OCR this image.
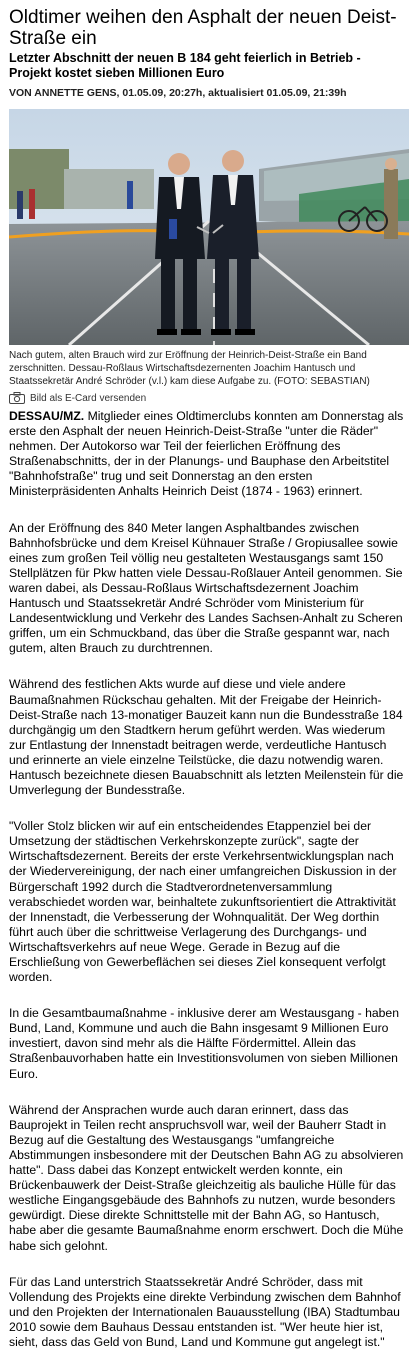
Oldtimer weihen den Asphalt der neuen Deist-
Straße ein
Letzter Abschnitt der neuen B 184 geht feierlich in Betrieb - Projekt kostet sieben Millionen Euro
VON ANNETTE GENS, 01.05.09, 20:27h, aktualisiert 01.05.09, 21:39h
Nach gutem, alten Brauch wird zur Eröffnung der Heinrich-Deist-Straße ein Band zerschnitten. Dessau-Roßlaus Wirtschaftsdezernenten Joachim Hantusch und Staatssekretär André Schröder (v.l.) kam diese Aufgabe zu. (FOTO: SEBASTIAN)
Bild als E-Card versenden

DESSAU/MZ. Mitglieder eines Oldtimerclubs konnten am Donnerstag als erste den Asphalt der neuen Heinrich-Deist-Straße "unter die Räder" nehmen. Der Autokorso war Teil der feierlichen Eröffnung des Straßenabschnitts, der in der Planungs- und Bauphase den Arbeitstitel "Bahnhofstraße" trug und seit Donnerstag an den ersten Ministerpräsidenten Anhalts Heinrich Deist (1874 - 1963) erinnert.

An der Eröffnung des 840 Meter langen Asphaltbandes zwischen Bahnhofsbrücke und dem Kreisel Kühnauer Straße / Gropiusallee sowie eines zum großen Teil völlig neu gestalteten Westausgangs samt 150 Stellplätzen für Pkw hatten viele Dessau-Roßlauer Anteil genommen. Sie waren dabei, als Dessau-Roßlaus Wirtschaftsdezernent Joachim Hantusch und Staatssekretär André Schröder vom Ministerium für Landesentwicklung und Verkehr des Landes Sachsen-Anhalt zu Scheren griffen, um ein Schmuckband, das über die Straße gespannt war, nach gutem, alten Brauch zu durchtrennen.

Während des festlichen Akts wurde auf diese und viele andere Baumaßnahmen Rückschau gehalten. Mit der Freigabe der Heinrich-Deist-Straße nach 13-monatiger Bauzeit kann nun die Bundesstraße 184 durchgängig um den Stadtkern herum geführt werden. Was wiederum zur Entlastung der Innenstadt beitragen werde, verdeutliche Hantusch und erinnerte an viele einzelne Teilstücke, die dazu notwendig waren. Hantusch bezeichnete diesen Bauabschnitt als letzten Meilenstein für die Umverlegung der Bundesstraße.

"Voller Stolz blicken wir auf ein entscheidendes Etappenziel bei der Umsetzung der städtischen Verkehrskonzepte zurück", sagte der Wirtschaftsdezernent. Bereits der erste Verkehrsentwicklungsplan nach der Wiedervereinigung, der nach einer umfangreichen Diskussion in der Bürgerschaft 1992 durch die Stadtverordnetenversammlung verabschiedet worden war, beinhaltete zukunftsorientiert die Attraktivität der Innenstadt, die Verbesserung der Wohnqualität. Der Weg dorthin führt auch über die schrittweise Verlagerung des Durchgangs- und Wirtschaftsverkehrs auf neue Wege. Gerade in Bezug auf die Erschließung von Gewerbeflächen sei dieses Ziel konsequent verfolgt worden.

In die Gesamtbaumaßnahme - inklusive derer am Westausgang - haben Bund, Land, Kommune und auch die Bahn insgesamt 9 Millionen Euro investiert, davon sind mehr als die Hälfte Fördermittel. Allein das Straßenbauvorhaben hatte ein Investitionsvolumen von sieben Millionen Euro.

Während der Ansprachen wurde auch daran erinnert, dass das Bauprojekt in Teilen recht anspruchsvoll war, weil der Bauherr Stadt in Bezug auf die Gestaltung des Westausgangs "umfangreiche Abstimmungen insbesondere mit der Deutschen Bahn AG zu absolvieren hatte". Dass dabei das Konzept entwickelt werden konnte, ein Brückenbauwerk der Deist-Straße gleichzeitig als bauliche Hülle für das westliche Eingangsgebäude des Bahnhofs zu nutzen, wurde besonders gewürdigt. Diese direkte Schnittstelle mit der Bahn AG, so Hantusch, habe aber die gesamte Baumaßnahme enorm erschwert. Doch die Mühe habe sich gelohnt.

Für das Land unterstrich Staatssekretär André Schröder, dass mit Vollendung des Projekts eine direkte Verbindung zwischen dem Bahnhof und den Projekten der Internationalen Bauausstellung (IBA) Stadtumbau 2010 sowie dem Bauhaus Dessau entstanden ist. "Wer heute hier ist, sieht, dass das Geld von Bund, Land und Kommune gut angelegt ist."
